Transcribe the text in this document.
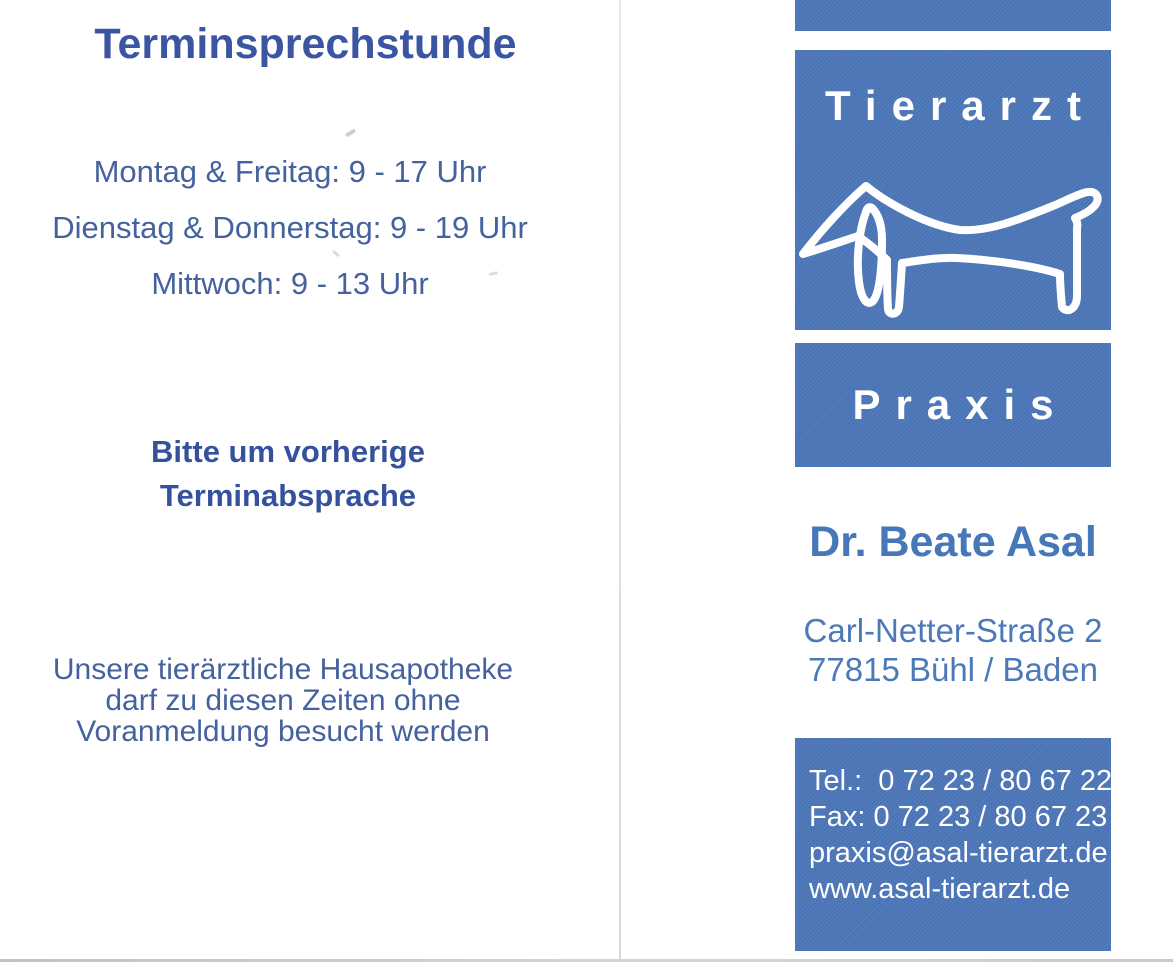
Terminsprechstunde
Montag & Freitag: 9 - 17 Uhr
Dienstag & Donnerstag: 9 - 19 Uhr
Mittwoch: 9 - 13 Uhr
Bitte um vorherige
Terminabsprache
Unsere tierärztliche Hausapotheke
darf zu diesen Zeiten ohne
Voranmeldung besucht werden
Tierarzt
Praxis
Dr. Beate Asal
Carl-Netter-Straße 2
77815 Bühl / Baden
Tel.:  0 72 23 / 80 67 22
Fax: 0 72 23 / 80 67 23
praxis@asal-tierarzt.de
www.asal-tierarzt.de
